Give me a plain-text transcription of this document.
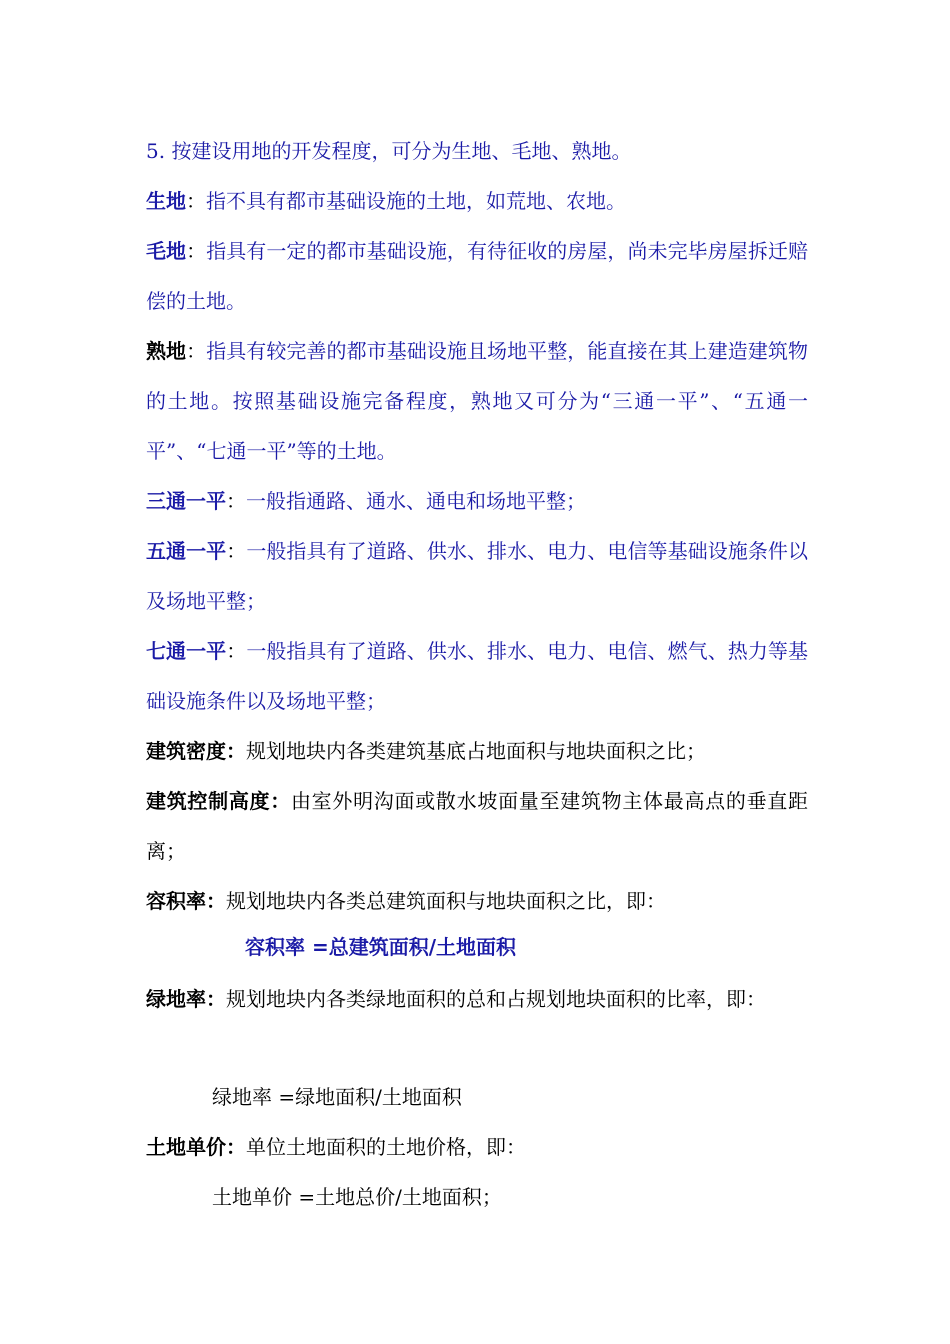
5. 按建设用地的开发程度，可分为生地、毛地、熟地。

生地：指不具有都市基础设施的土地，如荒地、农地。

毛地：指具有一定的都市基础设施，有待征收的房屋，尚未完毕房屋拆迁赔偿的土地。

熟地：指具有较完善的都市基础设施且场地平整，能直接在其上建造建筑物的土地。按照基础设施完备程度，熟地又可分为“三通一平”、“五通一平”、“七通一平”等的土地。

三通一平：一般指通路、通水、通电和场地平整；

五通一平：一般指具有了道路、供水、排水、电力、电信等基础设施条件以及场地平整；

七通一平：一般指具有了道路、供水、排水、电力、电信、燃气、热力等基础设施条件以及场地平整；

建筑密度：规划地块内各类建筑基底占地面积与地块面积之比；

建筑控制高度：由室外明沟面或散水坡面量至建筑物主体最高点的垂直距离；

容积率：规划地块内各类总建筑面积与地块面积之比，即：

容积率 =总建筑面积/土地面积

绿地率：规划地块内各类绿地面积的总和占规划地块面积的比率，即：

绿地率 =绿地面积/土地面积

土地单价：单位土地面积的土地价格，即：

土地单价 =土地总价/土地面积；
